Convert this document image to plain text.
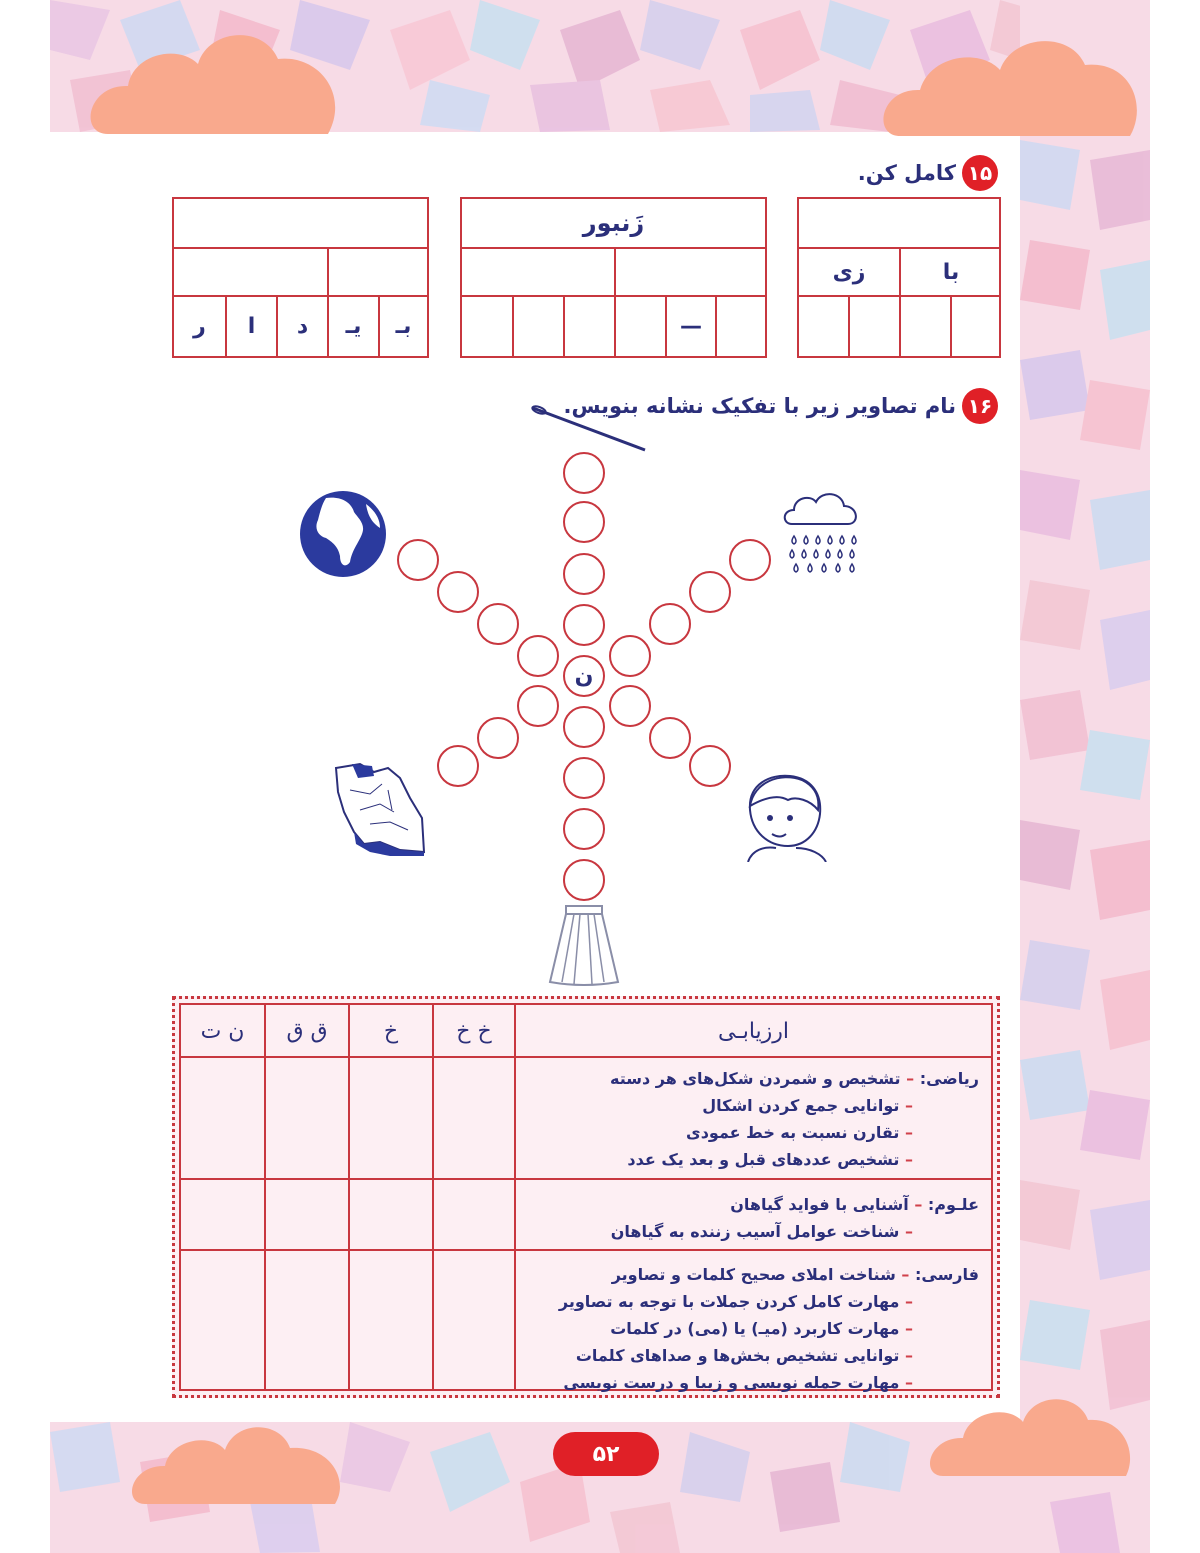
۱۵
کامل کن.
با
زی
زَنبور
—
بـ
یـ
د
ا
ر
۱۶
نام تصاویر زیر با تفکیک نشانه بنویس.
ن
ارزیابـی
خ خ
خ
ق ق
ن ت
ریاضی: – تشخیص و شمردن شکل‌های هر دسته
– توانایی جمع کردن اشکال
– تقارن نسبت به خط عمودی
– تشخیص عددهای قبل و بعد یک عدد
علـوم: – آشنایی با فواید گیاهان
– شناخت عوامل آسیب زننده به گیاهان
فارسی: – شناخت املای صحیح کلمات و تصاویر
– مهارت کامل کردن جملات با توجه به تصاویر
– مهارت کاربرد (میـ) یا (می) در کلمات
– توانایی تشخیص بخش‌ها و صداهای کلمات
– مهارت جمله نویسی و زیبا و درست نویسی
۵۲
